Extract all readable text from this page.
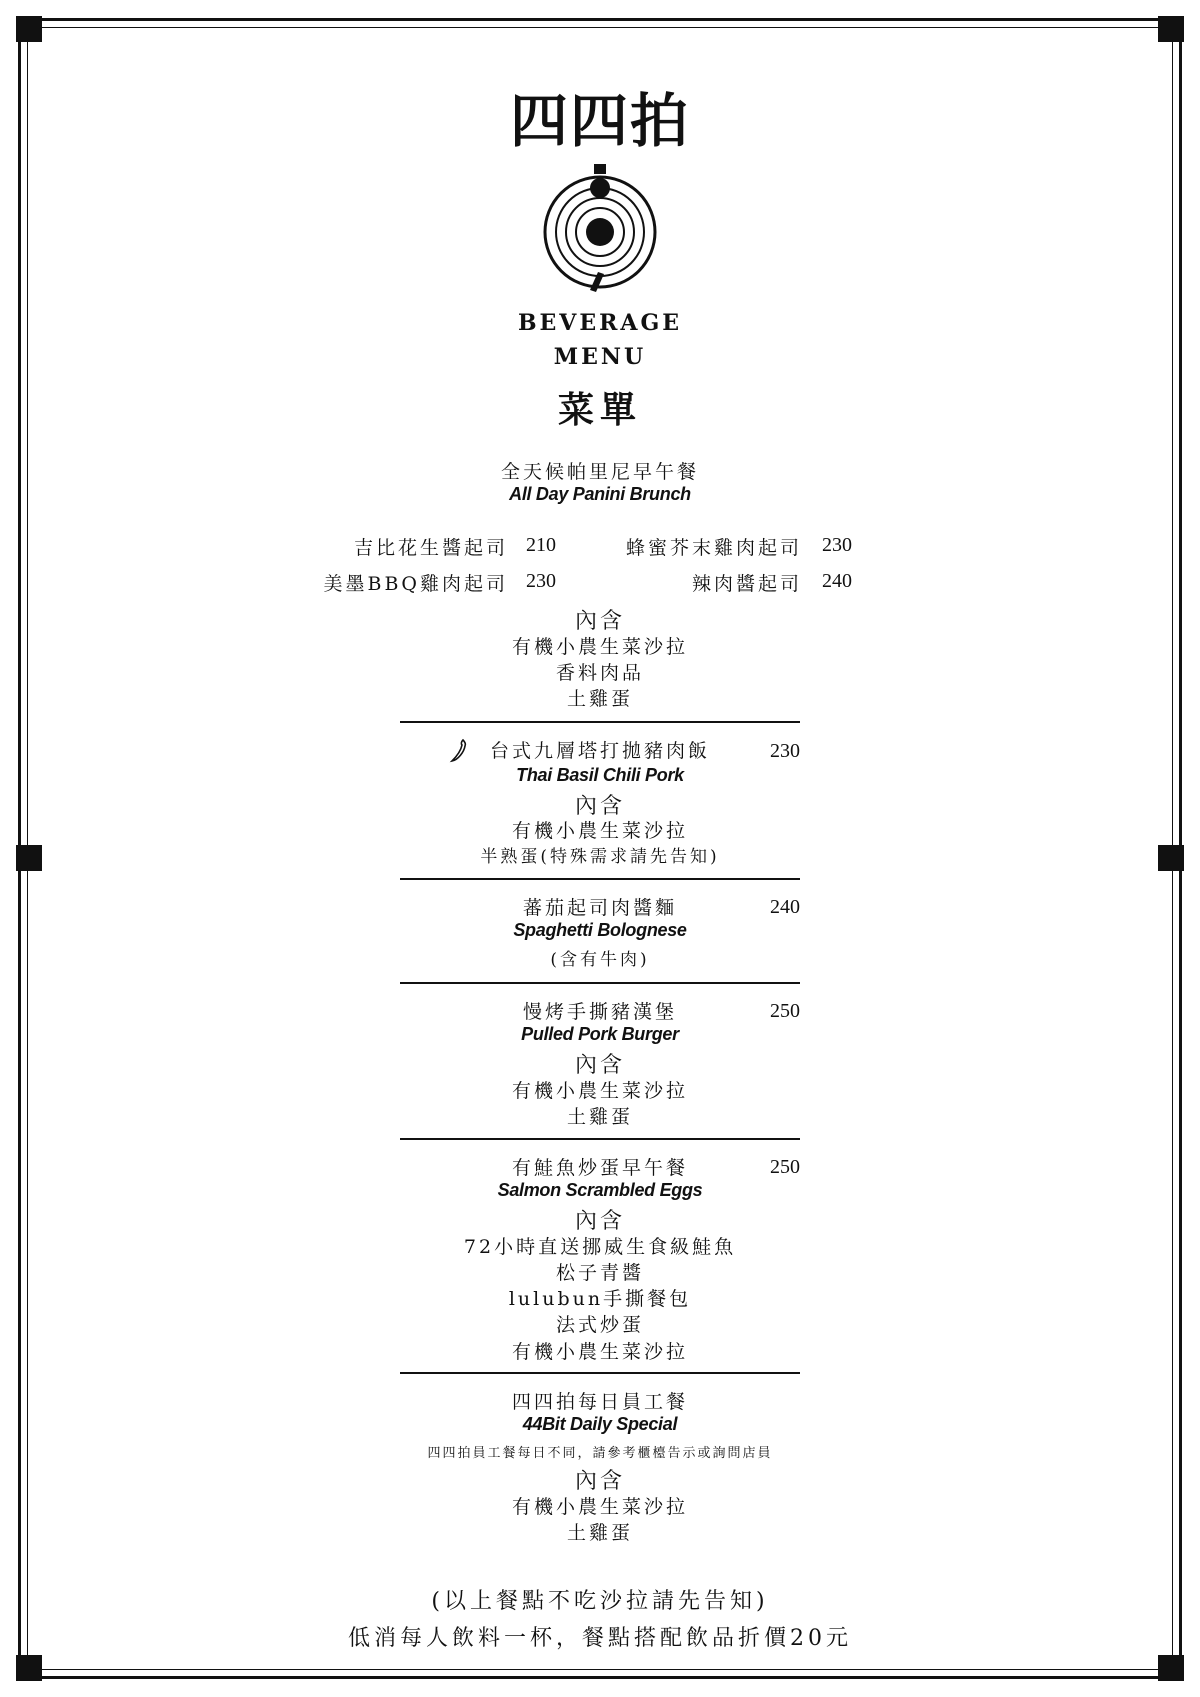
四四拍
BEVERAGE
MENU
菜單
全天候帕里尼早午餐
All Day Panini Brunch
吉比花生醬起司 210	蜂蜜芥末雞肉起司 230
美墨BBQ雞肉起司 230	辣肉醬起司 240
內含
有機小農生菜沙拉
香料肉品
土雞蛋
台式九層塔打拋豬肉飯	230
Thai Basil Chili Pork
內含
有機小農生菜沙拉
半熟蛋(特殊需求請先告知)
蕃茄起司肉醬麵	240
Spaghetti Bolognese
(含有牛肉)
慢烤手撕豬漢堡	250
Pulled Pork Burger
內含
有機小農生菜沙拉
土雞蛋
有鮭魚炒蛋早午餐	250
Salmon Scrambled Eggs
內含
72小時直送挪威生食級鮭魚
松子青醬
lulubun手撕餐包
法式炒蛋
有機小農生菜沙拉
四四拍每日員工餐
44Bit Daily Special
四四拍員工餐每日不同，請參考櫃檯告示或詢問店員
內含
有機小農生菜沙拉
土雞蛋
(以上餐點不吃沙拉請先告知)
低消每人飲料一杯，餐點搭配飲品折價20元
